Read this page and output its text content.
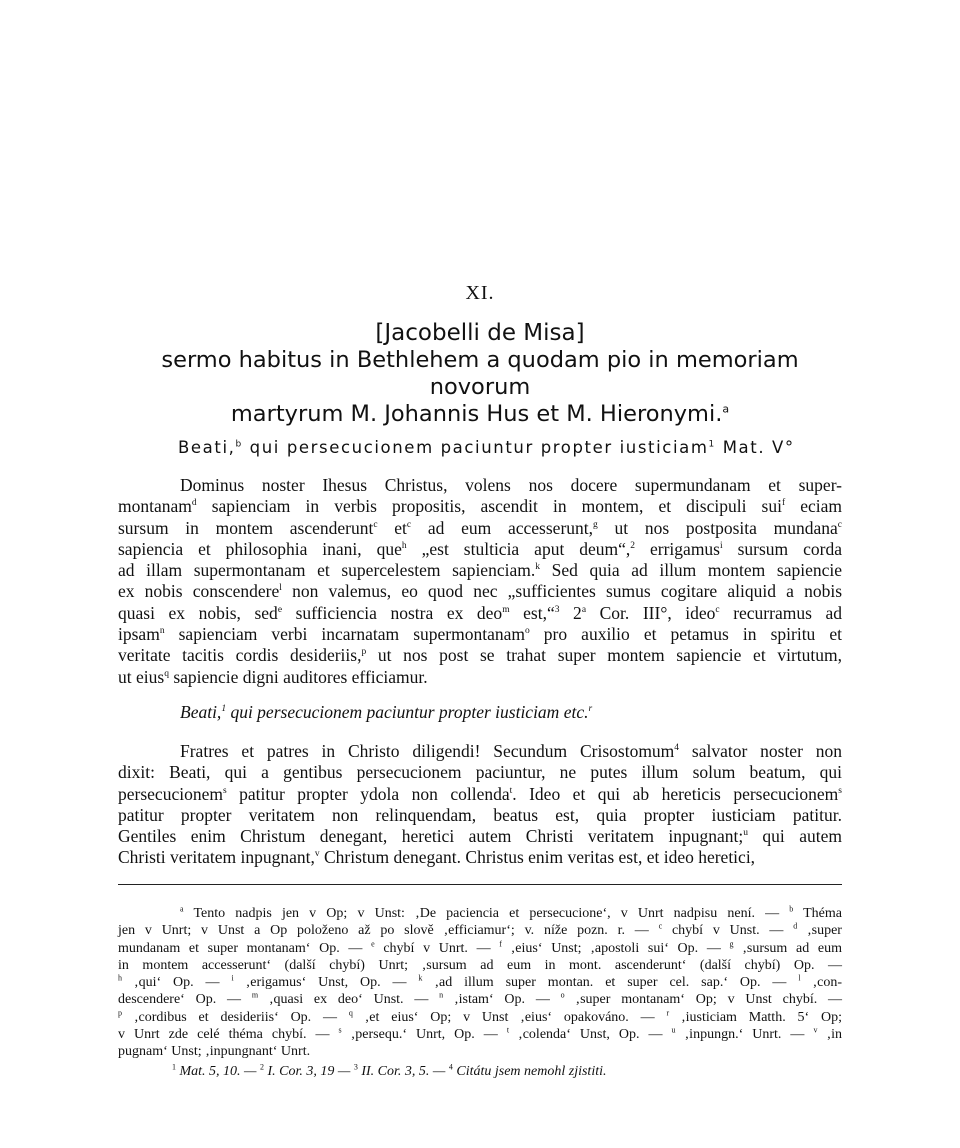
XI.
[Jacobelli de Misa]
sermo habitus in Bethlehem a quodam pio in memoriam novorum
martyrum M. Johannis Hus et M. Hieronymi.$^a$
Beati,$^b$ qui persecucionem paciuntur propter iusticiam$^1$ Mat. V°
Dominus noster Ihesus Christus, volens nos docere supermundanam et super-
montanam$^d$ sapienciam in verbis propositis, ascendit in montem, et discipuli sui$^f$ eciam
sursum in montem ascenderunt$^c$ $et^c$ ad eum accesserunt,$^g$ ut nos postposita mundana$^c$
sapiencia et philosophia inani, que$^h$ „est stulticia aput deum“,$^2$ errigamus$^i$ sursum corda
ad illam supermontanam et supercelestem sapienciam.$^k$ Sed quia ad illum montem sapiencie
ex nobis conscendere$^l$ non valemus, eo quod nec „sufficientes sumus cogitare aliquid a nobis
quasi ex nobis, sed$^e$ sufficiencia nostra ex deo$^m$ est,“$^3$ 2$^a$ Cor. III°, ideo$^c$ recurramus ad
ipsam$^n$ sapienciam verbi incarnatam supermontanam$^o$ pro auxilio et petamus in spiritu et
veritate tacitis cordis desideriis,$^p$ ut nos post se trahat super montem sapiencie et virtutum,
ut eius$^q$ sapiencie digni auditores efficiamur.
Beati,$^1$ qui persecucionem paciuntur propter iusticiam etc.$^r$
Fratres et patres in Christo diligendi! Secundum Crisostomum$^4$ salvator noster non
dixit: Beati, qui a gentibus persecucionem paciuntur, ne putes illum solum beatum, qui
persecucionem$^s$ patitur propter ydola non collenda$^t$. Ideo et qui ab hereticis persecucionem$^s$
patitur propter veritatem non relinquendam, beatus est, quia propter iusticiam patitur.
Gentiles enim Christum denegant, heretici autem Christi veritatem inpugnant;$^u$ qui autem
Christi veritatem inpugnant,$^v$ Christum denegant. Christus enim veritas est, et ideo heretici,
$^a$ Tento nadpis jen v Op; v Unst: ‚De paciencia et persecucione‘, v Unrt nadpisu není. — $^b$ Théma
jen v Unrt; v Unst a Op položeno až po slově ‚efficiamur‘; v. níže pozn. r. — $^c$ chybí v Unst. — $^d$ ‚super
mundanam et super montanam‘ Op. — $^e$ chybí v Unrt. — $^f$ ‚eius‘ Unst; ‚apostoli sui‘ Op. — $^g$ ‚sursum ad eum
in montem accesserunt‘ (další chybí) Unrt; ‚sursum ad eum in mont. ascenderunt‘ (další chybí) Op. —
$^h$ ‚qui‘ Op. — $^i$ ‚erigamus‘ Unst, Op. — $^k$ ‚ad illum super montan. et super cel. sap.‘ Op. — $^l$ ‚con-
descendere‘ Op. — $^m$ ‚quasi ex deo‘ Unst. — $^n$ ‚istam‘ Op. — $^o$ ‚super montanam‘ Op; v Unst chybí. —
$^p$ ‚cordibus et desideriis‘ Op. — $^q$ ‚et eius‘ Op; v Unst ‚eius‘ opakováno. — $^r$ ‚iusticiam Matth. 5‘ Op;
v Unrt zde celé théma chybí. — $^s$ ‚persequ.‘ Unrt, Op. — $^t$ ‚colenda‘ Unst, Op. — $^u$ ‚inpungn.‘ Unrt. — $^v$ ‚in
pugnam‘ Unst; ‚inpungnant‘ Unrt.
$^1$ Mat. 5, 10. — $^2$ I. Cor. 3, 19 — $^3$ II. Cor. 3, 5. — $^4$ Citátu jsem nemohl zjistiti.
